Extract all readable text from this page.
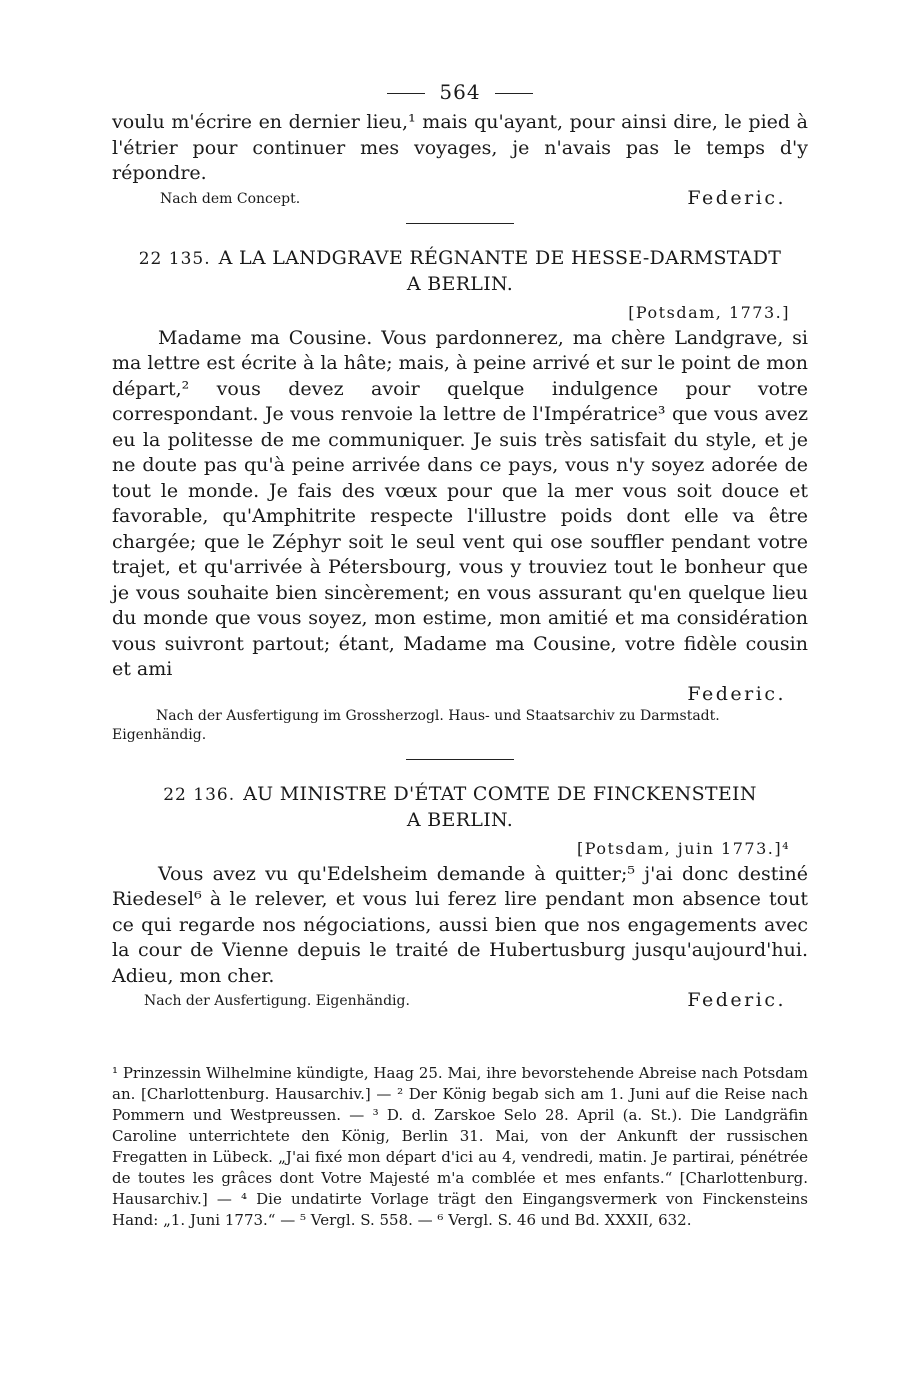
564

voulu m'écrire en dernier lieu,¹ mais qu'ayant, pour ainsi dire, le pied à l'étrier pour continuer mes voyages, je n'avais pas le temps d'y répondre.

Nach dem Concept.	Federic.
22 135. A LA LANDGRAVE RÉGNANTE DE HESSE-DARMSTADT
A BERLIN.
[Potsdam, 1773.]

Madame ma Cousine. Vous pardonnerez, ma chère Landgrave, si ma lettre est écrite à la hâte; mais, à peine arrivé et sur le point de mon départ,² vous devez avoir quelque indulgence pour votre correspondant. Je vous renvoie la lettre de l'Impératrice³ que vous avez eu la politesse de me communiquer. Je suis très satisfait du style, et je ne doute pas qu'à peine arrivée dans ce pays, vous n'y soyez adorée de tout le monde. Je fais des vœux pour que la mer vous soit douce et favorable, qu'Amphitrite respecte l'illustre poids dont elle va être chargée; que le Zéphyr soit le seul vent qui ose souffler pendant votre trajet, et qu'arrivée à Pétersbourg, vous y trouviez tout le bonheur que je vous souhaite bien sincèrement; en vous assurant qu'en quelque lieu du monde que vous soyez, mon estime, mon amitié et ma considération vous suivront partout; étant, Madame ma Cousine, votre fidèle cousin et ami

Federic.

Nach der Ausfertigung im Grossherzogl. Haus- und Staatsarchiv zu Darmstadt. Eigenhändig.

22 136. AU MINISTRE D'ÉTAT COMTE DE FINCKENSTEIN
A BERLIN.
[Potsdam, juin 1773.]⁴

Vous avez vu qu'Edelsheim demande à quitter;⁵ j'ai donc destiné Riedesel⁶ à le relever, et vous lui ferez lire pendant mon absence tout ce qui regarde nos négociations, aussi bien que nos engagements avec la cour de Vienne depuis le traité de Hubertusburg jusqu'aujourd'hui. Adieu, mon cher.

Nach der Ausfertigung. Eigenhändig.	Federic.

¹ Prinzessin Wilhelmine kündigte, Haag 25. Mai, ihre bevorstehende Abreise nach Potsdam an. [Charlottenburg. Hausarchiv.] — ² Der König begab sich am 1. Juni auf die Reise nach Pommern und Westpreussen. — ³ D. d. Zarskoe Selo 28. April (a. St.). Die Landgräfin Caroline unterrichtete den König, Berlin 31. Mai, von der Ankunft der russischen Fregatten in Lübeck. „J'ai fixé mon départ d'ici au 4, vendredi, matin. Je partirai, pénétrée de toutes les grâces dont Votre Majesté m'a comblée et mes enfants.“ [Charlottenburg. Hausarchiv.] — ⁴ Die undatirte Vorlage trägt den Eingangsvermerk von Finckensteins Hand: „1. Juni 1773.“ — ⁵ Vergl. S. 558. — ⁶ Vergl. S. 46 und Bd. XXXII, 632.
